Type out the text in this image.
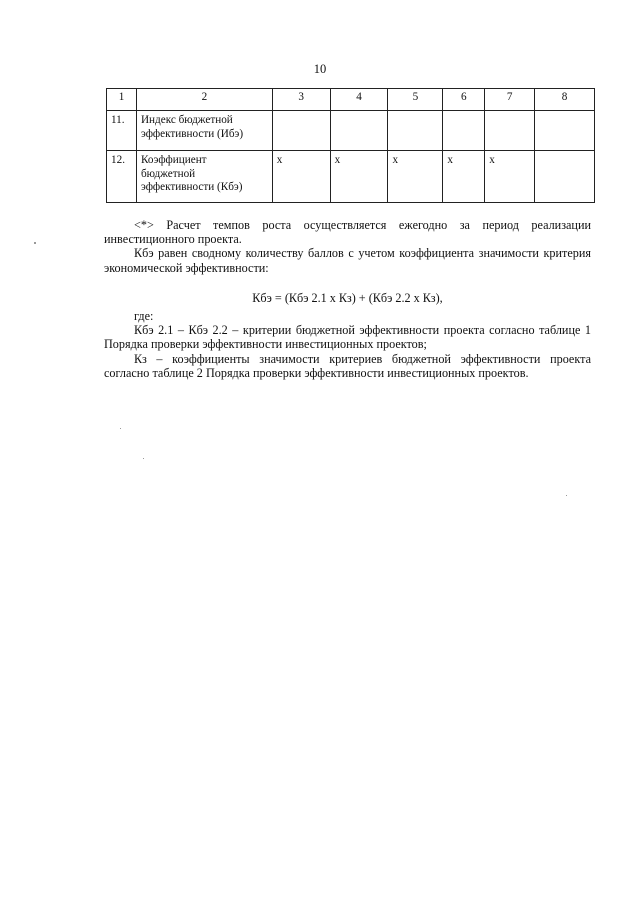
10
1	2	3	4	5	6	7	8
11.	Индекс бюджетной
эффективности (Ибэ)						

12.	Коэффициент
бюджетной
эффективности (Кбэ)	х	х	х	х	х	

<*> Расчет темпов роста осуществляется ежегодно за период реализации инвестиционного проекта.

Кбэ равен сводному количеству баллов с учетом коэффициента значимости критерия экономической эффективности:

Кбэ = (Кбэ 2.1 х Кз) + (Кбэ 2.2 х Кз),

где:

Кбэ 2.1 – Кбэ 2.2 – критерии бюджетной эффективности проекта согласно таблице 1 Порядка проверки эффективности инвестиционных проектов;

Кз – коэффициенты значимости критериев бюджетной эффективности проекта согласно таблице 2 Порядка проверки эффективности инвестиционных проектов.
